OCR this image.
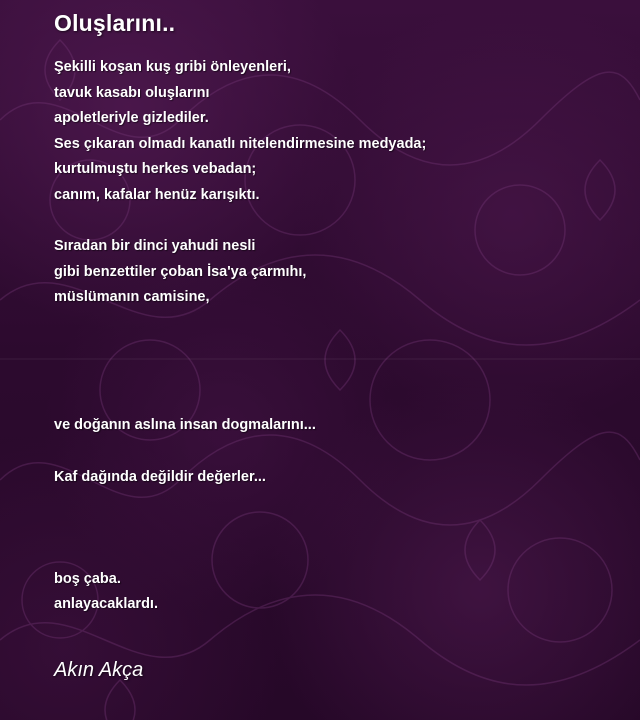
Oluşlarını..
Şekilli koşan kuş gribi önleyenleri,
tavuk kasabı oluşlarını
apoletleriyle gizlediler.
Ses çıkaran olmadı kanatlı nitelendirmesine medyada;
kurtulmuştu herkes vebadan;
canım, kafalar henüz karışıktı.
Sıradan bir dinci yahudi nesli
gibi benzettiler çoban İsa'ya çarmıhı,
müslümanın camisine,
ve doğanın aslına insan dogmalarını...
Kaf dağında değildir değerler...
boş çaba.
anlayacaklardı.
Akın Akça
